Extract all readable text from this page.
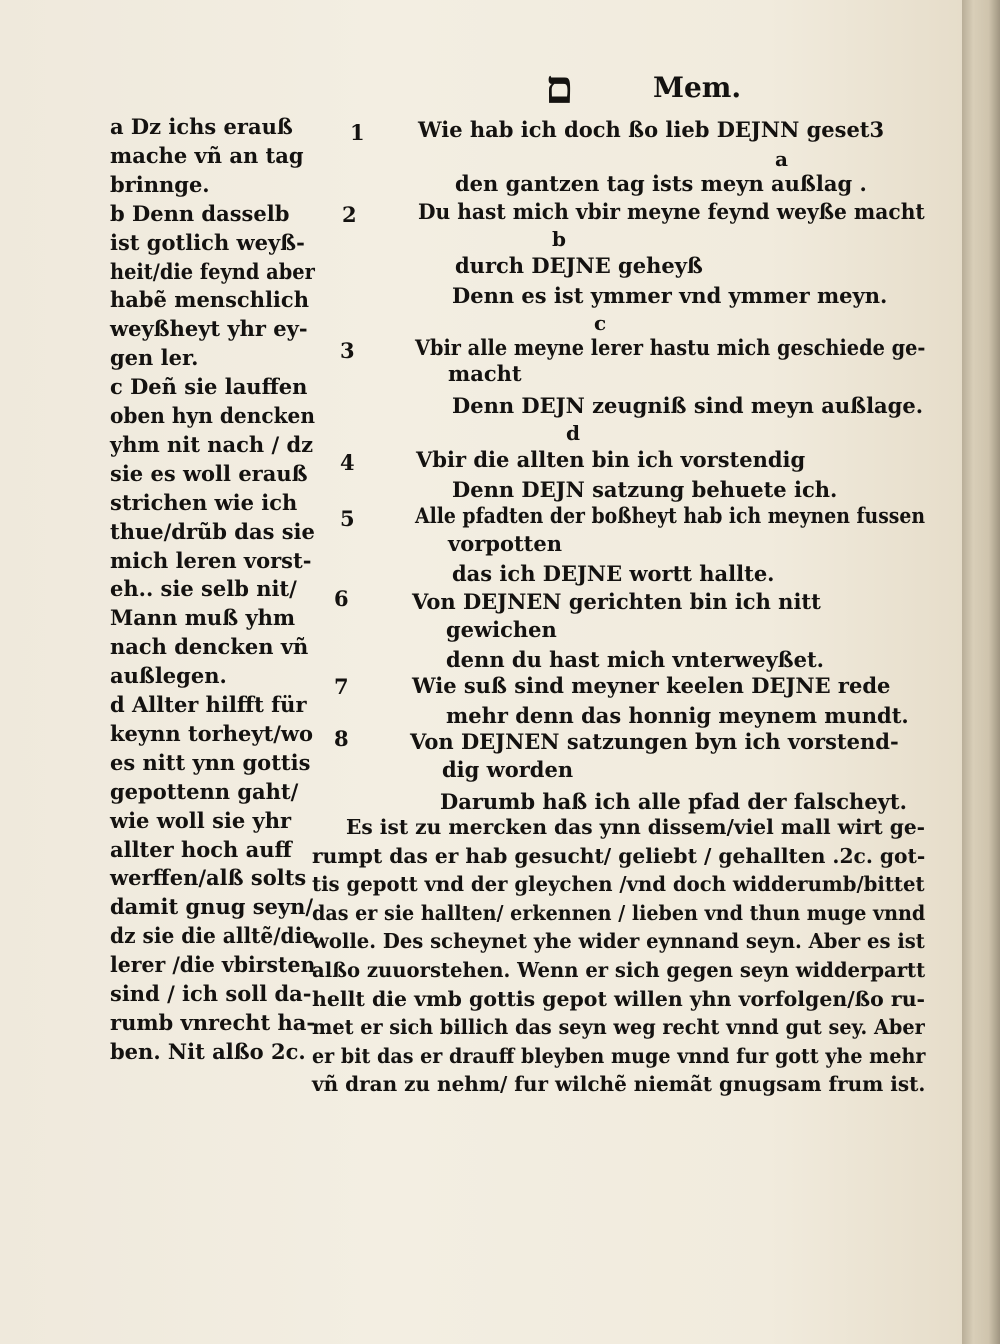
ם	Mem.
a Dz ichs erauß
mache vñ an tag
brinnge.
b Denn dasselb
ist gotlich weyß-
heit/die feynd aber
habẽ menschlich
weyßheyt yhr ey-
gen ler.
c Deñ sie lauffen
oben hyn dencken
yhm nit nach / dz
sie es woll erauß
strichen wie ich
thue/drũb das sie
mich leren vorst-
eh.. sie selb nit/
Mann muß yhm
nach dencken vñ
außlegen.
d Allter hilfft für
keynn torheyt/wo
es nitt ynn gottis
gepottenn gaht/
wie woll sie yhr
allter hoch auff
werffen/alß solts
damit gnug seyn/
dz sie die alltẽ/die
lerer /die vbirsten
sind / ich soll da-
rumb vnrecht ha-
ben. Nit alßo 2c.
1	Wie hab ich doch ßo lieb DEJNN geset3
a
den gantzen tag ists meyn außlag .
2	Du hast mich vbir meyne feynd weyße macht
b
durch DEJNE geheyß
Denn es ist ymmer vnd ymmer meyn.
c
3	Vbir alle meyne lerer hastu mich geschiede ge-
macht
Denn DEJN zeugniß sind meyn außlage.
d
4	Vbir die allten bin ich vorstendig
Denn DEJN satzung behuete ich.
5	Alle pfadten der boßheyt hab ich meynen fussen
vorpotten
das ich DEJNE wortt hallte.
6	Von DEJNEN gerichten bin ich nitt
gewichen
denn du hast mich vnterweyßet.
7	Wie suß sind meyner keelen DEJNE rede
mehr denn das honnig meynem mundt.
8	Von DEJNEN satzungen byn ich vorstend-
dig worden
Darumb haß ich alle pfad der falscheyt.
Es ist zu mercken das ynn dissem/viel mall wirt ge-
rumpt das er hab gesucht/ geliebt / gehallten .2c. got-
tis gepott vnd der gleychen /vnd doch widderumb/bittet
das er sie hallten/ erkennen / lieben vnd thun muge vnnd
wolle. Des scheynet yhe wider eynnand seyn. Aber es ist
alßo zuuorstehen. Wenn er sich gegen seyn widderpartt
hellt die vmb gottis gepot willen yhn vorfolgen/ßo ru-
met er sich billich das seyn weg recht vnnd gut sey. Aber
er bit das er drauff bleyben muge vnnd fur gott yhe mehr
vñ dran zu nehm/ fur wilchẽ niemãt gnugsam frum ist.
